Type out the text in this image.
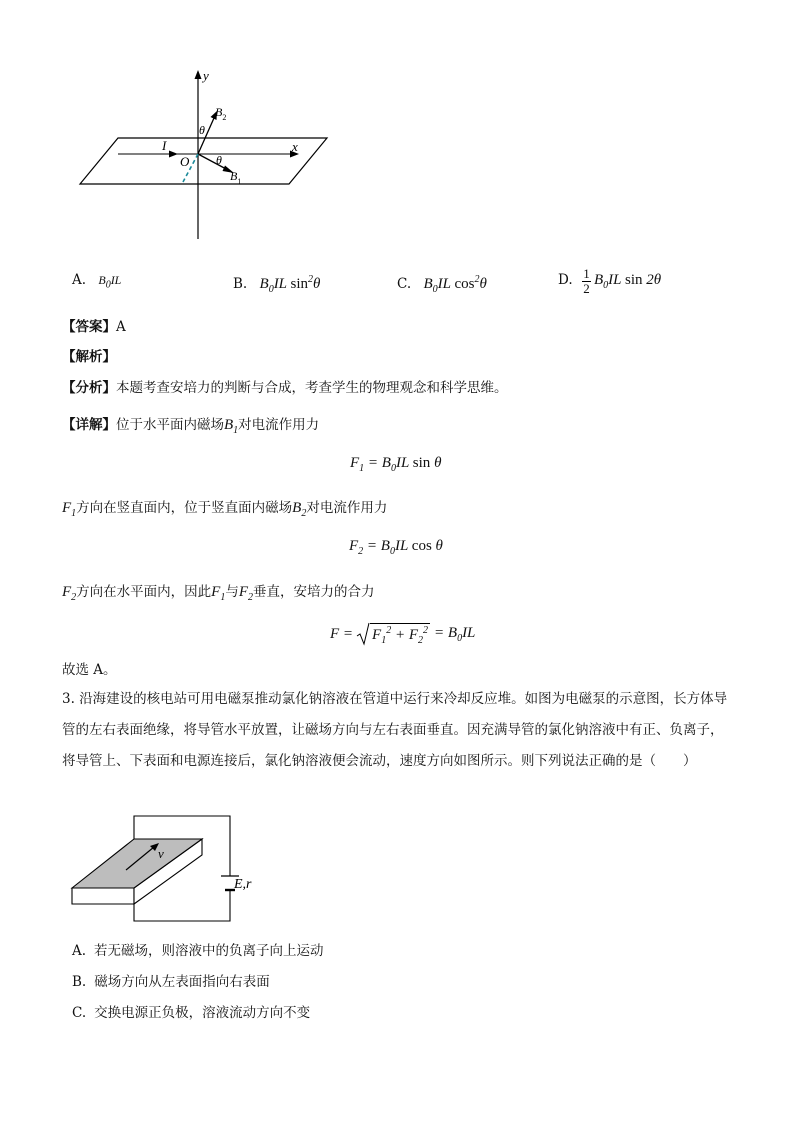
y
x
O
I
$B_2$
$B_1$
θ
θ
A. $B_0IL$	B. $B_0IL$ $\sin^2\theta$	C. $B_0IL$ $\cos^2\theta$	D. 1
2
$B_0IL$ sin 2θ
【答案】A
【解析】
【分析】本题考查安培力的判断与合成，考查学生的物理观念和科学思维。
【详解】位于水平面内磁场$B_1$对电流作用力
$F_1 = B_0IL$ sin θ
$F_1$方向在竖直面内，位于竖直面内磁场$B_2$对电流作用力
$F_2 = B_0IL$ cos θ
$F_2$方向在水平面内，因此$F_1$与$F_2$垂直，安培力的合力
$F = F_1^2 + F_2^2 = B_0IL$
故选 A。
3. 沿海建设的核电站可用电磁泵推动氯化钠溶液在管道中运行来冷却反应堆。如图为电磁泵的示意图，长方体导管的左右表面绝缘，将导管水平放置，让磁场方向与左右表面垂直。因充满导管的氯化钠溶液中有正、负离子，将导管上、下表面和电源连接后，氯化钠溶液便会流动，速度方向如图所示。则下列说法正确的是（　　）
v
E,r
A. 若无磁场，则溶液中的负离子向上运动
B. 磁场方向从左表面指向右表面
C. 交换电源正负极，溶液流动方向不变
